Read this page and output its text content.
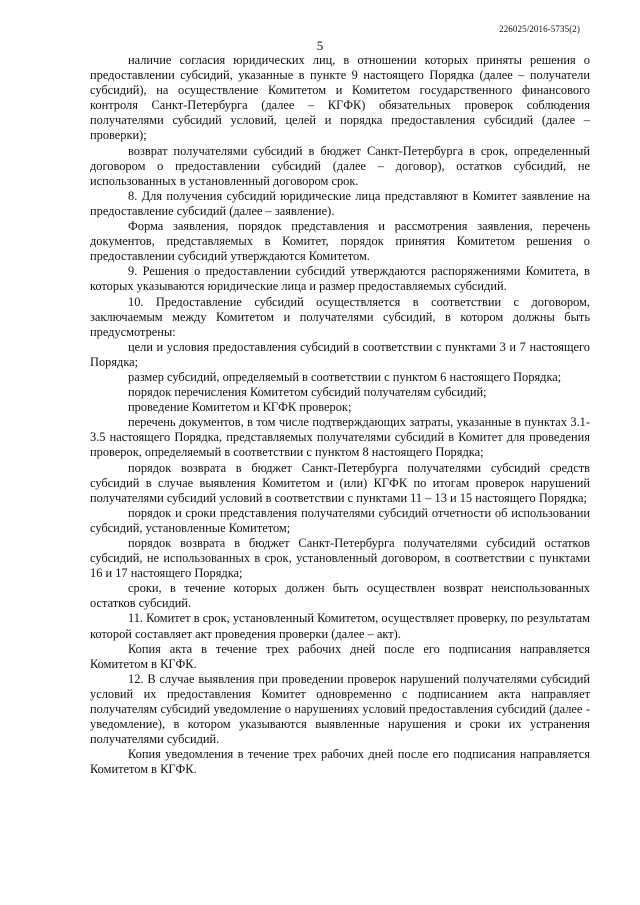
226025/2016-5735(2)
5

наличие согласия юридических лиц, в отношении которых приняты решения о предоставлении субсидий, указанные в пункте 9 настоящего Порядка (далее – получатели субсидий), на осуществление Комитетом и Комитетом государственного финансового контроля Санкт-Петербурга (далее – КГФК) обязательных проверок соблюдения получателями субсидий условий, целей и порядка предоставления субсидий (далее – проверки);

возврат получателями субсидий в бюджет Санкт-Петербурга в срок, определенный договором о предоставлении субсидий (далее – договор), остатков субсидий, не использованных в установленный договором срок.

8. Для получения субсидий юридические лица представляют в Комитет заявление на предоставление субсидий (далее – заявление).

Форма заявления, порядок представления и рассмотрения заявления, перечень документов, представляемых в Комитет, порядок принятия Комитетом решения о предоставлении субсидий утверждаются Комитетом.

9. Решения о предоставлении субсидий утверждаются распоряжениями Комитета, в которых указываются юридические лица и размер предоставляемых субсидий.

10. Предоставление субсидий осуществляется в соответствии с договором, заключаемым между Комитетом и получателями субсидий, в котором должны быть предусмотрены:

цели и условия предоставления субсидий в соответствии с пунктами 3 и 7 настоящего Порядка;

размер субсидий, определяемый в соответствии с пунктом 6 настоящего Порядка;

порядок перечисления Комитетом субсидий получателям субсидий;

проведение Комитетом и КГФК проверок;

перечень документов, в том числе подтверждающих затраты, указанные в пунктах 3.1-3.5 настоящего Порядка, представляемых получателями субсидий в Комитет для проведения проверок, определяемый в соответствии с пунктом 8 настоящего Порядка;

порядок возврата в бюджет Санкт-Петербурга получателями субсидий средств субсидий в случае выявления Комитетом и (или) КГФК по итогам проверок нарушений получателями субсидий условий в соответствии с пунктами 11 – 13 и 15 настоящего Порядка;

порядок и сроки представления получателями субсидий отчетности об использовании субсидий, установленные Комитетом;

порядок возврата в бюджет Санкт-Петербурга получателями субсидий остатков субсидий, не использованных в срок, установленный договором, в соответствии с пунктами 16 и 17 настоящего Порядка;

сроки, в течение которых должен быть осуществлен возврат неиспользованных остатков субсидий.

11. Комитет в срок, установленный Комитетом, осуществляет проверку, по результатам которой составляет акт проведения проверки (далее – акт).

Копия акта в течение трех рабочих дней после его подписания направляется Комитетом в КГФК.

12. В случае выявления при проведении проверок нарушений получателями субсидий условий их предоставления Комитет одновременно с подписанием акта направляет получателям субсидий уведомление о нарушениях условий предоставления субсидий (далее - уведомление), в котором указываются выявленные нарушения и сроки их устранения получателями субсидий.

Копия уведомления в течение трех рабочих дней после его подписания направляется Комитетом в КГФК.
